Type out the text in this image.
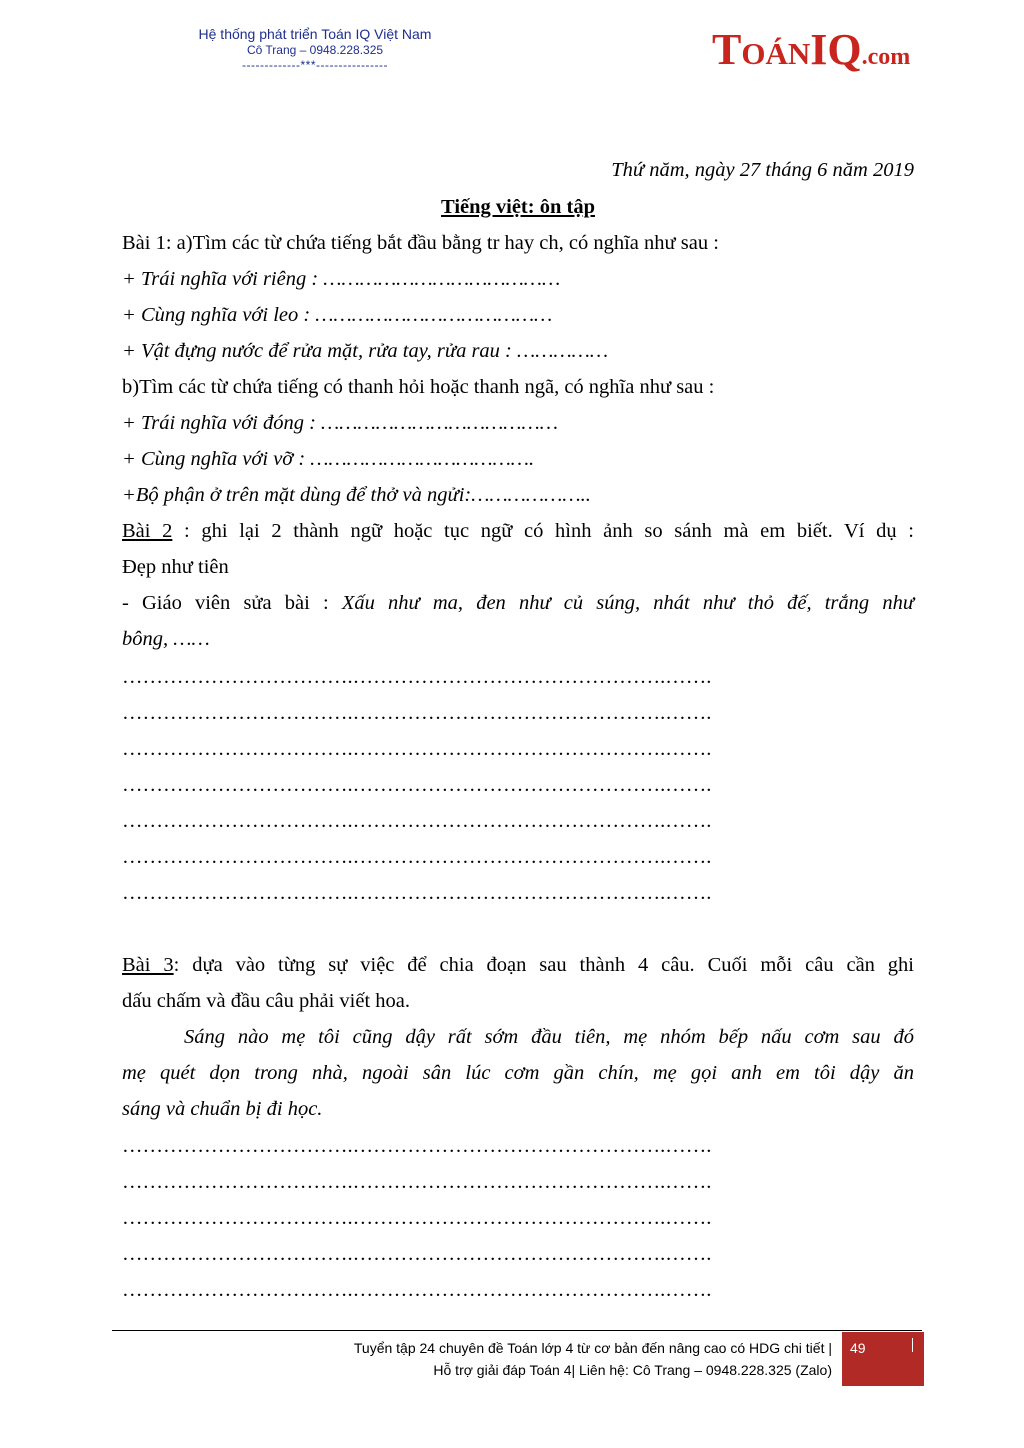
Hệ thống phát triển Toán IQ Việt Nam
Cô Trang – 0948.228.325
-------------***----------------	TOÁNIQ.com
Thứ năm, ngày 27 tháng 6 năm 2019
Tiếng việt: ôn tập
Bài 1: a)Tìm các từ chứa tiếng bắt đầu bằng tr hay ch, có nghĩa như sau :
+ Trái nghĩa với riêng : …………………………………
+ Cùng nghĩa với leo : …………………………………
+ Vật đựng nước để rửa mặt, rửa tay, rửa rau : ……………
b)Tìm các từ chứa tiếng có thanh hỏi hoặc thanh ngã, có nghĩa như sau :
+ Trái nghĩa với đóng : …………………………………
+ Cùng nghĩa với vỡ : ……………………………….
+Bộ phận ở trên mặt dùng để thở và ngửi:………………..
Bài 2 : ghi lại 2 thành ngữ hoặc tục ngữ có hình ảnh so sánh mà em biết. Ví dụ :
Đẹp như tiên
- Giáo viên sửa bài : Xấu như ma, đen như củ súng, nhát như thỏ đế, trắng như
bông, ……
…………………………….……………………………………….…….
…………………………….……………………………………….…….
…………………………….……………………………………….…….
…………………………….……………………………………….…….
…………………………….……………………………………….…….
…………………………….……………………………………….…….
…………………………….……………………………………….…….
Bài 3: dựa vào từng sự việc để chia đoạn sau thành 4 câu. Cuối mỗi câu cần ghi
dấu chấm và đầu câu phải viết hoa.
Sáng nào mẹ tôi cũng dậy rất sớm đầu tiên, mẹ nhóm bếp nấu cơm sau đó
mẹ quét dọn trong nhà, ngoài sân lúc cơm gần chín, mẹ gọi anh em tôi dậy ăn
sáng và chuẩn bị đi học.
…………………………….……………………………………….…….
…………………………….……………………………………….…….
…………………………….……………………………………….…….
…………………………….……………………………………….…….
…………………………….……………………………………….…….
Tuyển tập 24 chuyên đề Toán lớp 4 từ cơ bản đến nâng cao có HDG chi tiết |
Hỗ trợ giải đáp Toán 4| Liên hệ: Cô Trang – 0948.228.325 (Zalo)
49
